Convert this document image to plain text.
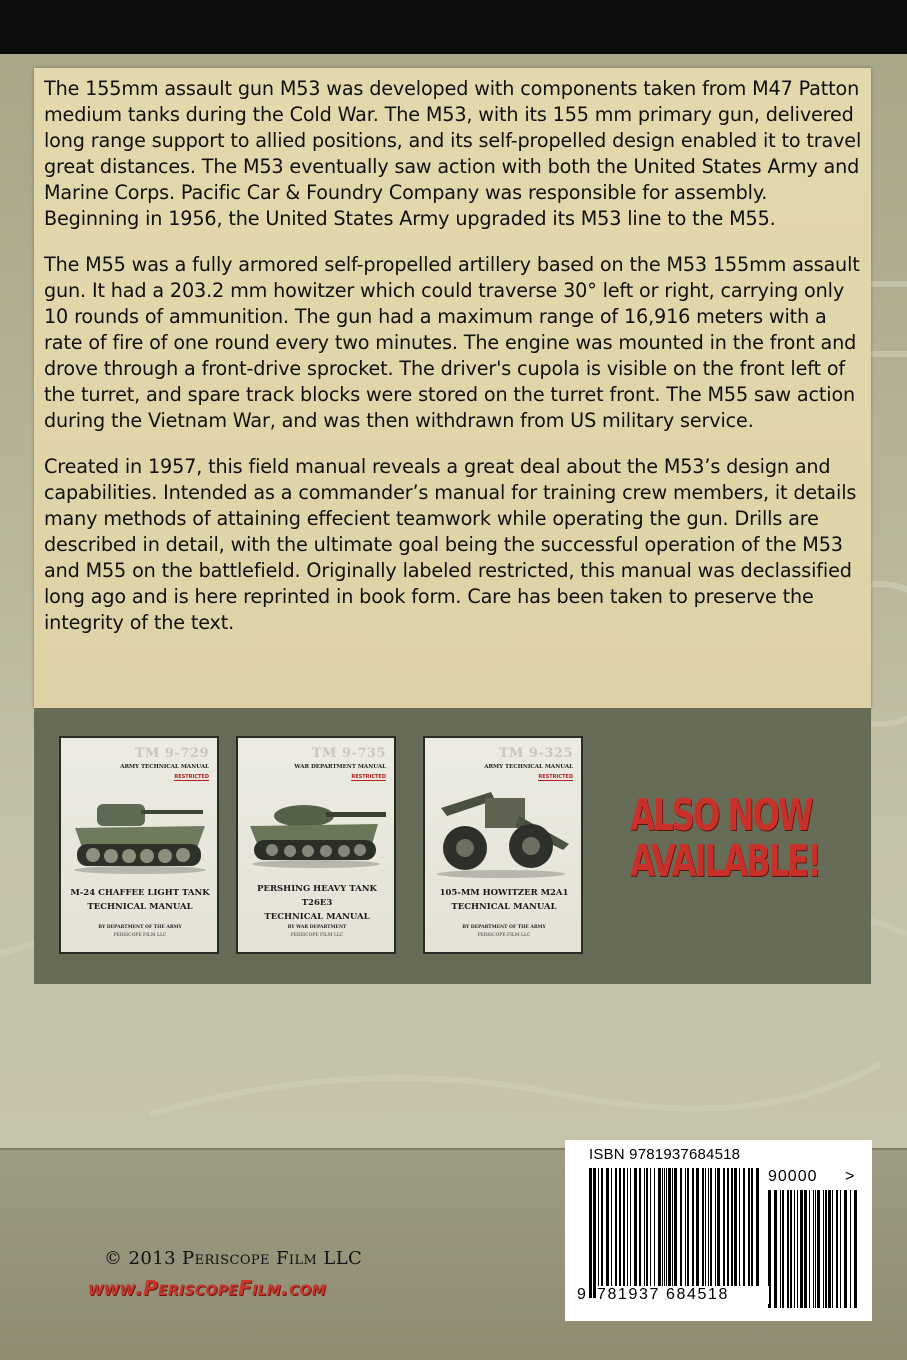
The 155mm assault gun M53 was developed with components taken from M47 Patton medium tanks during the Cold War. The M53, with its 155 mm primary gun, delivered long range support to allied positions, and its self-propelled design enabled it to travel great distances. The M53 eventually saw action with both the United States Army and Marine Corps. Pacific Car & Foundry Company was responsible for assembly. Beginning in 1956, the United States Army upgraded its M53 line to the M55.

The M55 was a fully armored self-propelled artillery based on the M53 155mm assault gun. It had a 203.2 mm howitzer which could traverse 30° left or right, carrying only 10 rounds of ammunition. The gun had a maximum range of 16,916 meters with a rate of fire of one round every two minutes. The engine was mounted in the front and drove through a front-drive sprocket. The driver's cupola is visible on the front left of the turret, and spare track blocks were stored on the turret front. The M55 saw action during the Vietnam War, and was then withdrawn from US military service.

Created in 1957, this field manual reveals a great deal about the M53’s design and capabilities. Intended as a commander’s manual for training crew members, it details many methods of attaining effecient teamwork while operating the gun. Drills are described in detail, with the ultimate goal being the successful operation of the M53 and M55 on the battlefield. Originally labeled restricted, this manual was declassified long ago and is here reprinted in book form. Care has been taken to preserve the integrity of the text.

TM 9-729
ARMY TECHNICAL MANUAL
RESTRICTED
M-24 CHAFFEE LIGHT TANK
TECHNICAL MANUAL
BY DEPARTMENT OF THE ARMY
PERISCOPE FILM LLC
TM 9-735
WAR DEPARTMENT MANUAL
RESTRICTED
PERSHING HEAVY TANK T26E3
TECHNICAL MANUAL
BY WAR DEPARTMENT
PERISCOPE FILM LLC
TM 9-325
ARMY TECHNICAL MANUAL
RESTRICTED
105-MM HOWITZER M2A1
TECHNICAL MANUAL
BY DEPARTMENT OF THE ARMY
PERISCOPE FILM LLC
ALSO NOW
AVAILABLE!
© 2013 Periscope Film LLC
www.PeriscopeFilm.com
ISBN 9781937684518
9 781937 684518
90000 >
